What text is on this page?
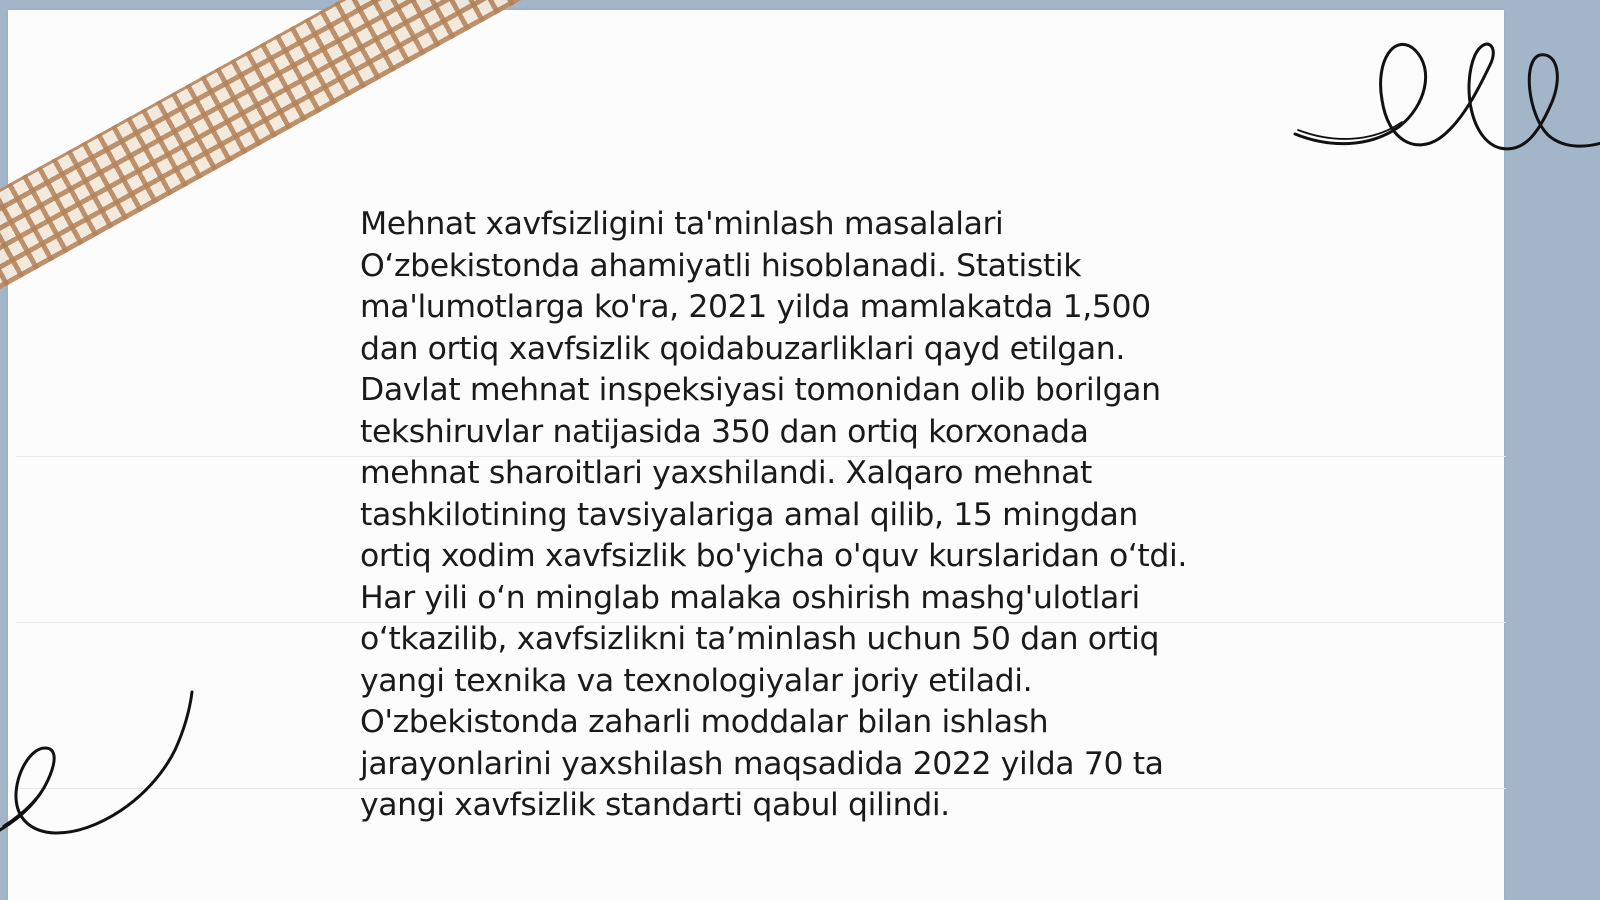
Mehnat xavfsizligini ta'minlash masalalari
O‘zbekistonda ahamiyatli hisoblanadi. Statistik
ma'lumotlarga ko'ra, 2021 yilda mamlakatda 1,500
dan ortiq xavfsizlik qoidabuzarliklari qayd etilgan.
Davlat mehnat inspeksiyasi tomonidan olib borilgan
tekshiruvlar natijasida 350 dan ortiq korxonada
mehnat sharoitlari yaxshilandi. Xalqaro mehnat
tashkilotining tavsiyalariga amal qilib, 15 mingdan
ortiq xodim xavfsizlik bo'yicha o'quv kurslaridan o‘tdi.
Har yili o‘n minglab malaka oshirish mashg'ulotlari
o‘tkazilib, xavfsizlikni ta’minlash uchun 50 dan ortiq
yangi texnika va texnologiyalar joriy etiladi.
O'zbekistonda zaharli moddalar bilan ishlash
jarayonlarini yaxshilash maqsadida 2022 yilda 70 ta
yangi xavfsizlik standarti qabul qilindi.
